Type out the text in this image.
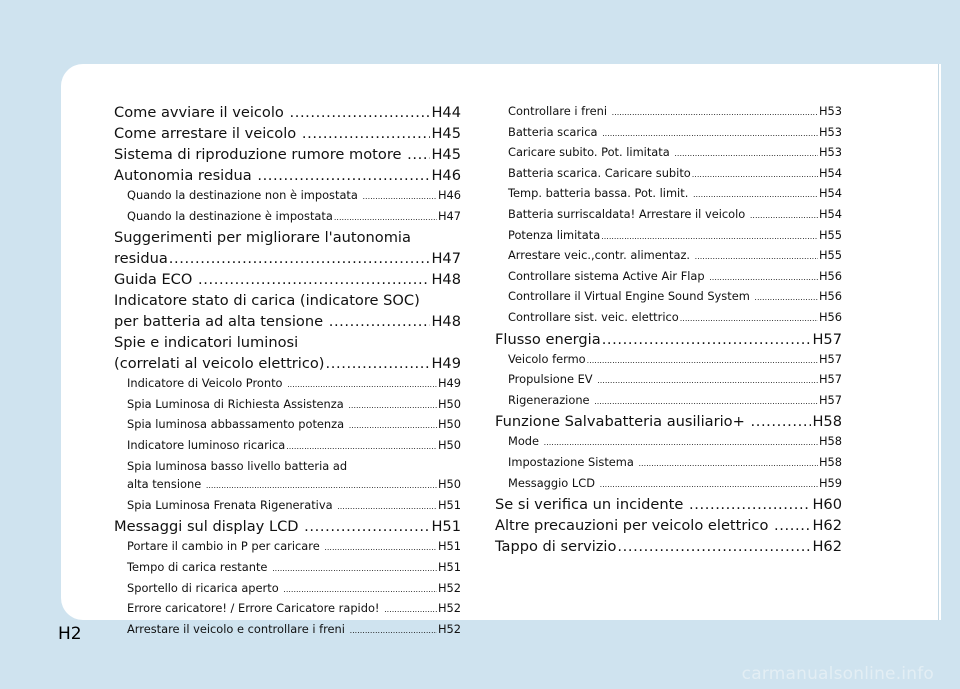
Come avviare il veicolo .....	H44
Come arrestare il veicolo .....	H45
Sistema di riproduzione rumore motore ..... H45
Autonomia residua .....	H46
Quando la destinazione non è impostata .....	H46
Quando la destinazione è impostata .....	H47
Suggerimenti per migliorare l'autonomia
residua .....	H47
Guida ECO .....	H48
Indicatore stato di carica (indicatore SOC)
per batteria ad alta tensione .....	H48
Spie e indicatori luminosi
(correlati al veicolo elettrico) .....	H49
Indicatore di Veicolo Pronto .....	H49
Spia Luminosa di Richiesta Assistenza .....	H50
Spia luminosa abbassamento potenza .....	H50
Indicatore luminoso ricarica .....	H50
Spia luminosa basso livello batteria ad
alta tensione .....	H50
Spia Luminosa Frenata Rigenerativa .....	H51
Messaggi sul display LCD .....	H51
Portare il cambio in P per caricare .....	H51
Tempo di carica restante .....	H51
Sportello di ricarica aperto .....	H52
Errore caricatore! / Errore Caricatore rapido! .....	H52
Arrestare il veicolo e controllare i freni .....	H52
Controllare i freni .....	H53
Batteria scarica .....	H53
Caricare subito. Pot. limitata .....	H53
Batteria scarica. Caricare subito .....	H54
Temp. batteria bassa. Pot. limit. .....	H54
Batteria surriscaldata! Arrestare il veicolo .....	H54
Potenza limitata .....	H55
Arrestare veic.,contr. alimentaz. .....	H55
Controllare sistema Active Air Flap .....	H56
Controllare il Virtual Engine Sound System .....	H56
Controllare sist. veic. elettrico .....	H56
Flusso energia .....	H57
Veicolo fermo .....	H57
Propulsione EV .....	H57
Rigenerazione .....	H57
Funzione Salvabatteria ausiliario+ .....	H58
Mode .....	H58
Impostazione Sistema .....	H58
Messaggio LCD .....	H59
Se si verifica un incidente .....	H60
Altre precauzioni per veicolo elettrico .....	H62
Tappo di servizio .....	H62
H2
carmanualsonline.info
